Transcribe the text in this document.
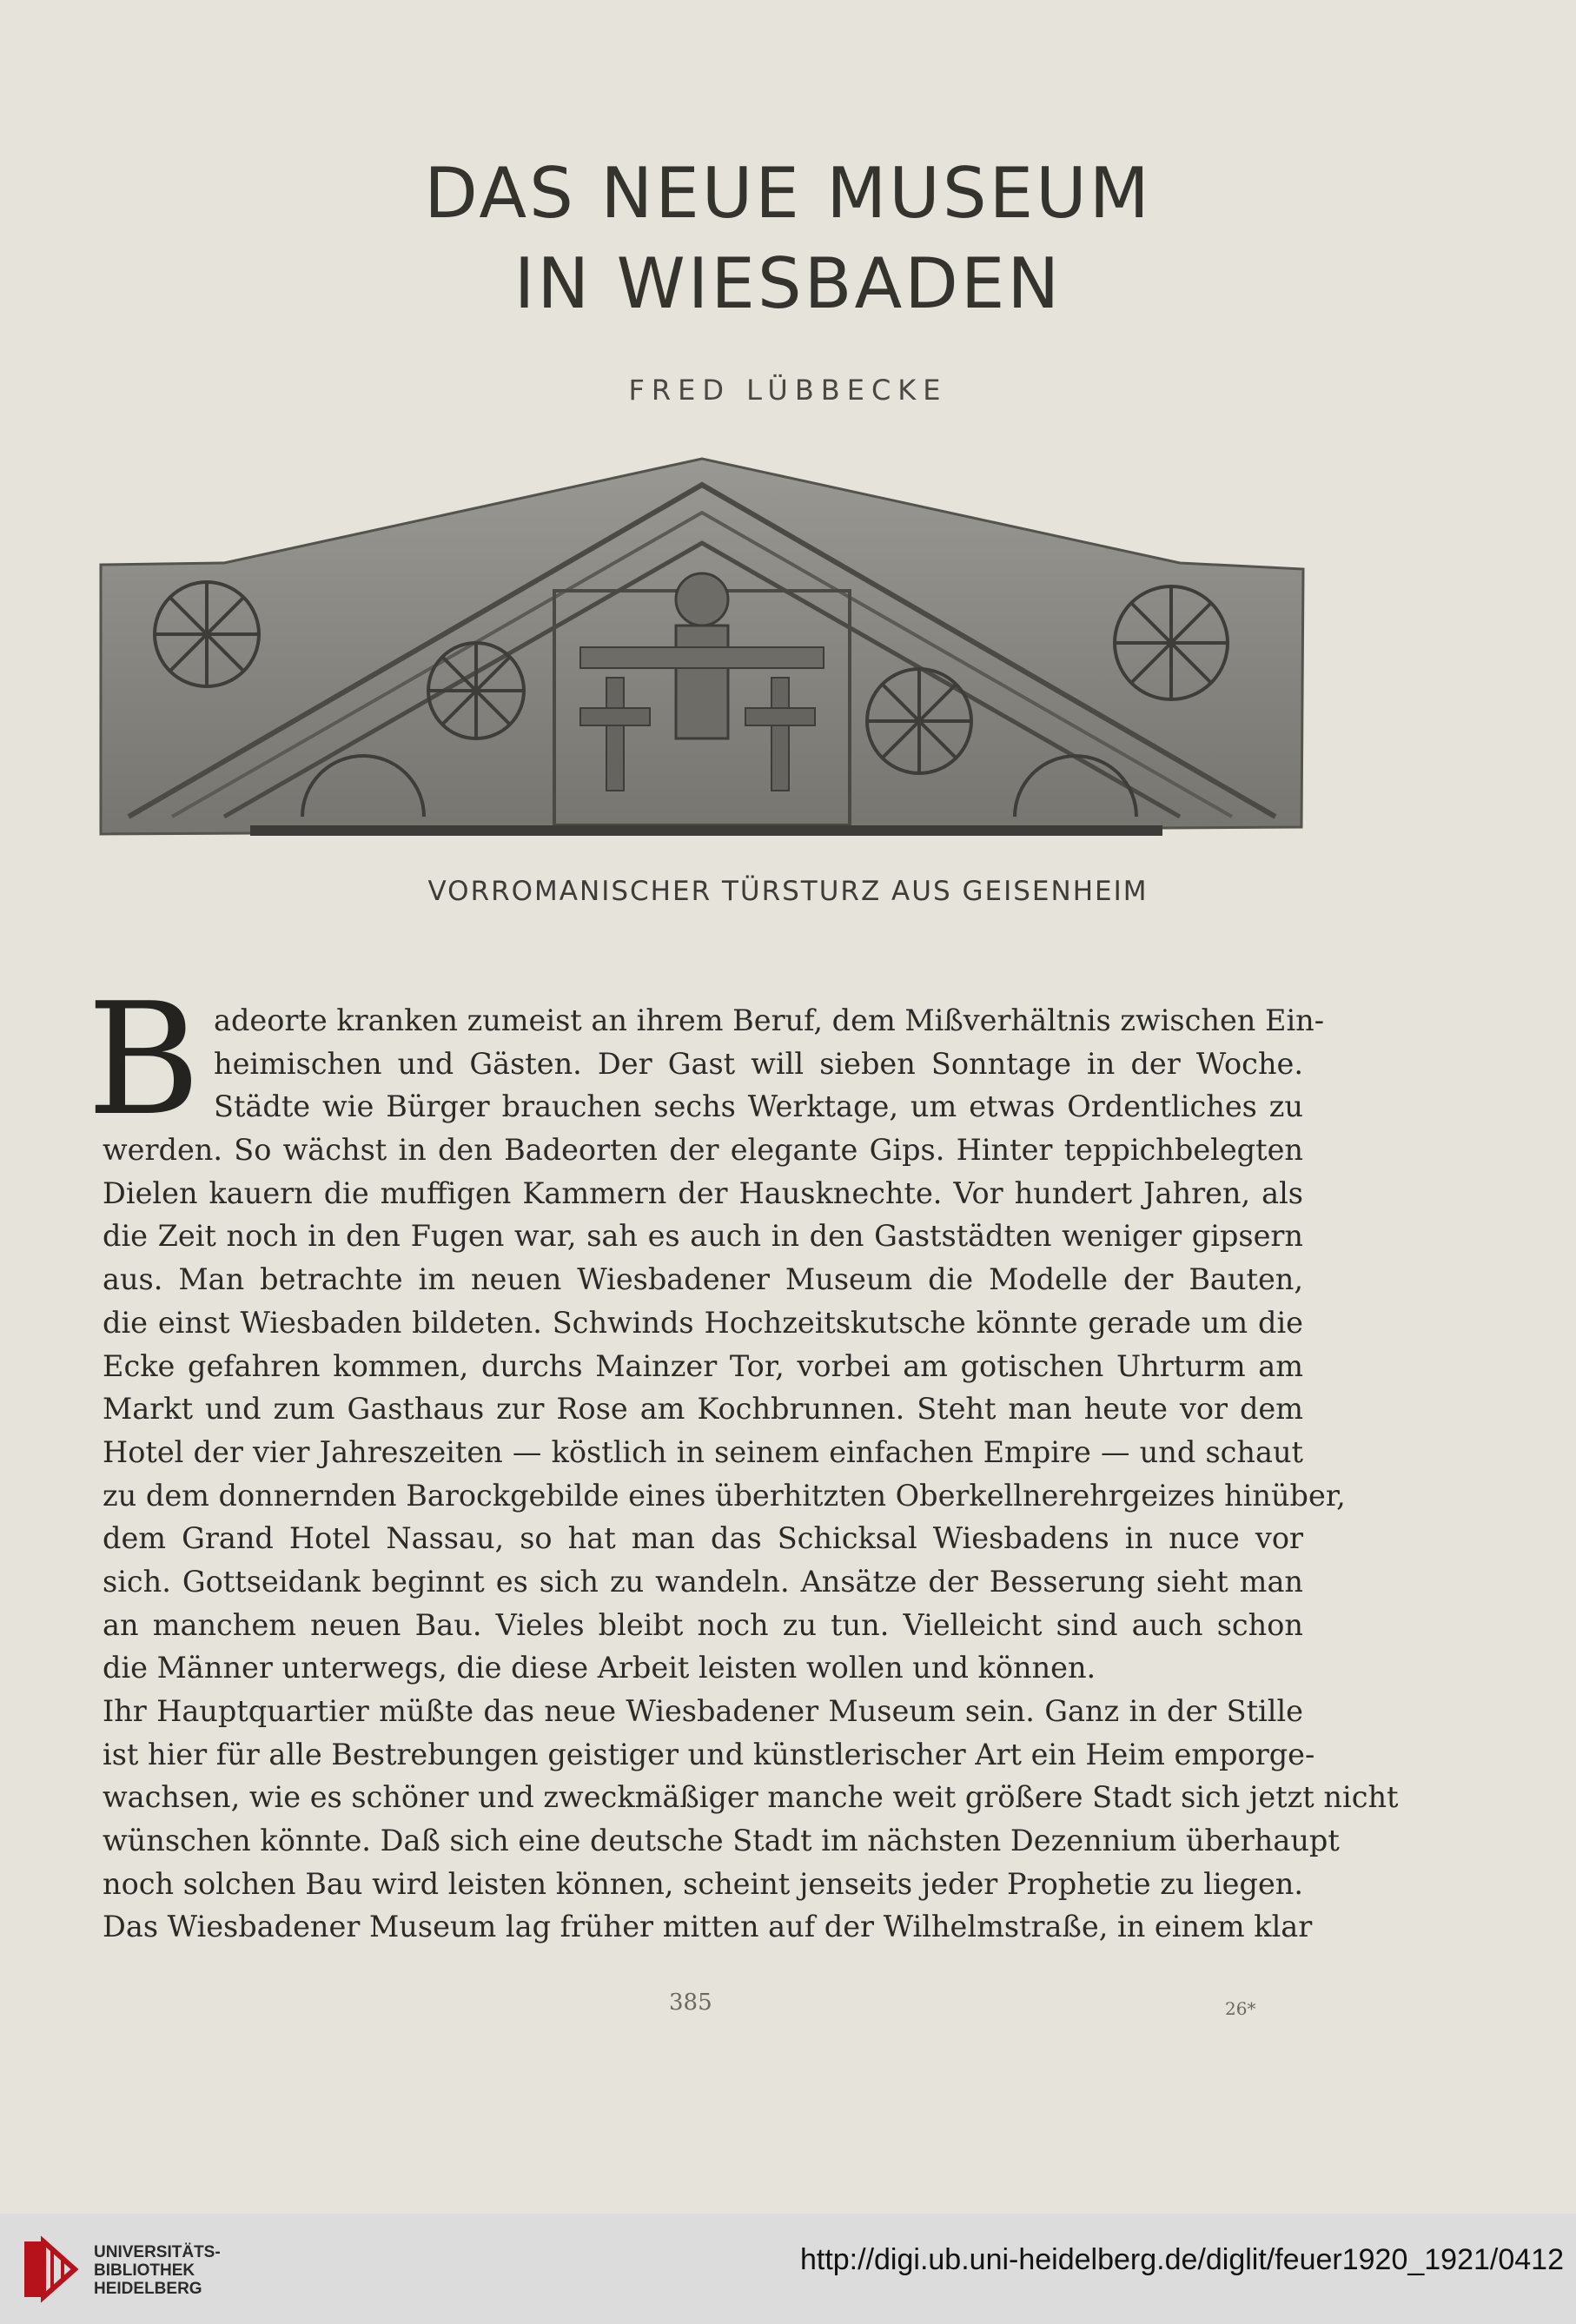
DAS NEUE MUSEUM
IN WIESBADEN
FRED LÜBBECKE
VORROMANISCHER TÜRSTURZ AUS GEISENHEIM
B adeorte kranken zumeist an ihrem Beruf, dem Mißverhältnis zwischen Ein-
heimischen und Gästen. Der Gast will sieben Sonntage in der Woche.
Städte wie Bürger brauchen sechs Werktage, um etwas Ordentliches zu
werden. So wächst in den Badeorten der elegante Gips. Hinter teppichbelegten
Dielen kauern die muffigen Kammern der Hausknechte. Vor hundert Jahren, als
die Zeit noch in den Fugen war, sah es auch in den Gaststädten weniger gipsern
aus. Man betrachte im neuen Wiesbadener Museum die Modelle der Bauten,
die einst Wiesbaden bildeten. Schwinds Hochzeitskutsche könnte gerade um die
Ecke gefahren kommen, durchs Mainzer Tor, vorbei am gotischen Uhrturm am
Markt und zum Gasthaus zur Rose am Kochbrunnen. Steht man heute vor dem
Hotel der vier Jahreszeiten — köstlich in seinem einfachen Empire — und schaut
zu dem donnernden Barockgebilde eines überhitzten Oberkellnerehrgeizes hinüber,
dem Grand Hotel Nassau, so hat man das Schicksal Wiesbadens in nuce vor
sich. Gottseidank beginnt es sich zu wandeln. Ansätze der Besserung sieht man
an manchem neuen Bau. Vieles bleibt noch zu tun. Vielleicht sind auch schon
die Männer unterwegs, die diese Arbeit leisten wollen und können.
Ihr Hauptquartier müßte das neue Wiesbadener Museum sein. Ganz in der Stille
ist hier für alle Bestrebungen geistiger und künstlerischer Art ein Heim emporge-
wachsen, wie es schöner und zweckmäßiger manche weit größere Stadt sich jetzt nicht
wünschen könnte. Daß sich eine deutsche Stadt im nächsten Dezennium überhaupt
noch solchen Bau wird leisten können, scheint jenseits jeder Prophetie zu liegen.
Das Wiesbadener Museum lag früher mitten auf der Wilhelmstraße, in einem klar
385	26*
UNIVERSITÄTS-
BIBLIOTHEK
HEIDELBERG
http://digi.ub.uni-heidelberg.de/diglit/feuer1920_1921/0412
